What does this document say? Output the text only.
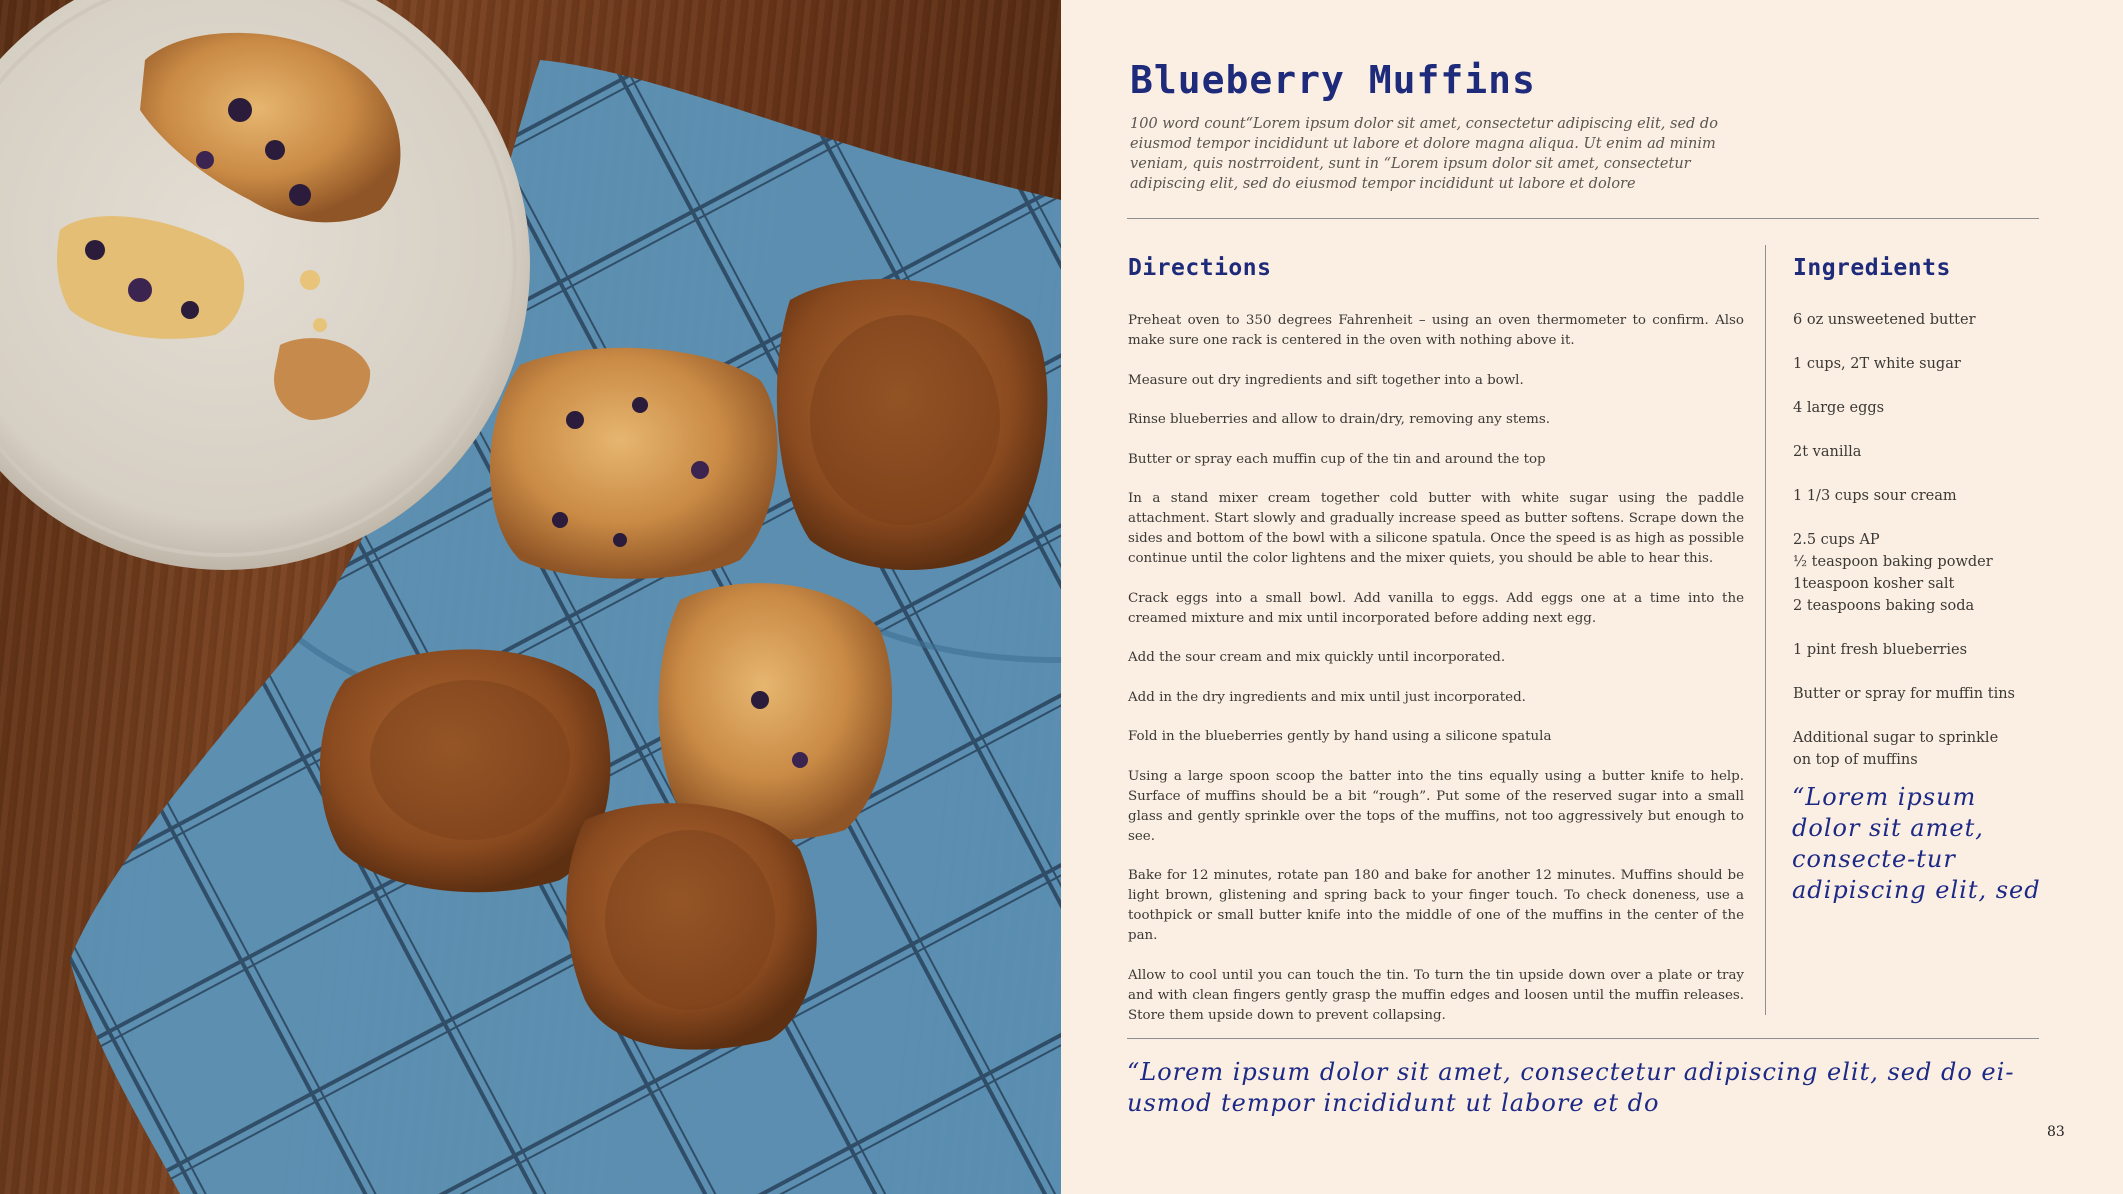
Blueberry Muffins

100 word count“Lorem ipsum dolor sit amet, consectetur adipiscing elit, sed do eiusmod tempor incididunt ut labore et dolore magna aliqua. Ut enim ad minim veniam, quis nostrroident, sunt in “Lorem ipsum dolor sit amet, consectetur adipiscing elit, sed do eiusmod tempor incididunt ut labore et dolore

Directions

Preheat oven to 350 degrees Fahrenheit – using an oven thermometer to confirm. Also make sure one rack is centered in the oven with nothing above it.

Measure out dry ingredients and sift together into a bowl.

Rinse blueberries and allow to drain/dry, removing any stems.

Butter or spray each muffin cup of the tin and around the top

In a stand mixer cream together cold butter with white sugar using the paddle attachment. Start slowly and gradually increase speed as butter softens. Scrape down the sides and bottom of the bowl with a silicone spatula. Once the speed is as high as possible continue until the color lightens and the mixer quiets, you should be able to hear this.

Crack eggs into a small bowl. Add vanilla to eggs. Add eggs one at a time into the creamed mixture and mix until incorporated before adding next egg.

Add the sour cream and mix quickly until incorporated.

Add in the dry ingredients and mix until just incorporated.

Fold in the blueberries gently by hand using a silicone spatula

Using a large spoon scoop the batter into the tins equally using a butter knife to help. Surface of muffins should be a bit “rough”. Put some of the reserved sugar into a small glass and gently sprinkle over the tops of the muffins, not too aggressively but enough to see.

Bake for 12 minutes, rotate pan 180 and bake for another 12 minutes. Muffins should be light brown, glistening and spring back to your finger touch. To check doneness, use a toothpick or small butter knife into the middle of one of the muffins in the center of the pan.

Allow to cool until you can touch the tin. To turn the tin upside down over a plate or tray and with clean fingers gently grasp the muffin edges and loosen until the muffin releases. Store them upside down to prevent collapsing.

Ingredients

6 oz unsweetened butter

1 cups, 2T white sugar

4 large eggs

2t vanilla

1 1/3 cups sour cream

2.5 cups AP

½ teaspoon baking powder

1teaspoon kosher salt

2 teaspoons baking soda

1 pint fresh blueberries

Butter or spray for muffin tins

Additional sugar to sprinkle

on top of muffins

“Lorem ipsum dolor sit amet, consecte-tur adipiscing elit, sed

“Lorem ipsum dolor sit amet, consectetur adipiscing elit, sed do ei-usmod tempor incididunt ut labore et do

83
